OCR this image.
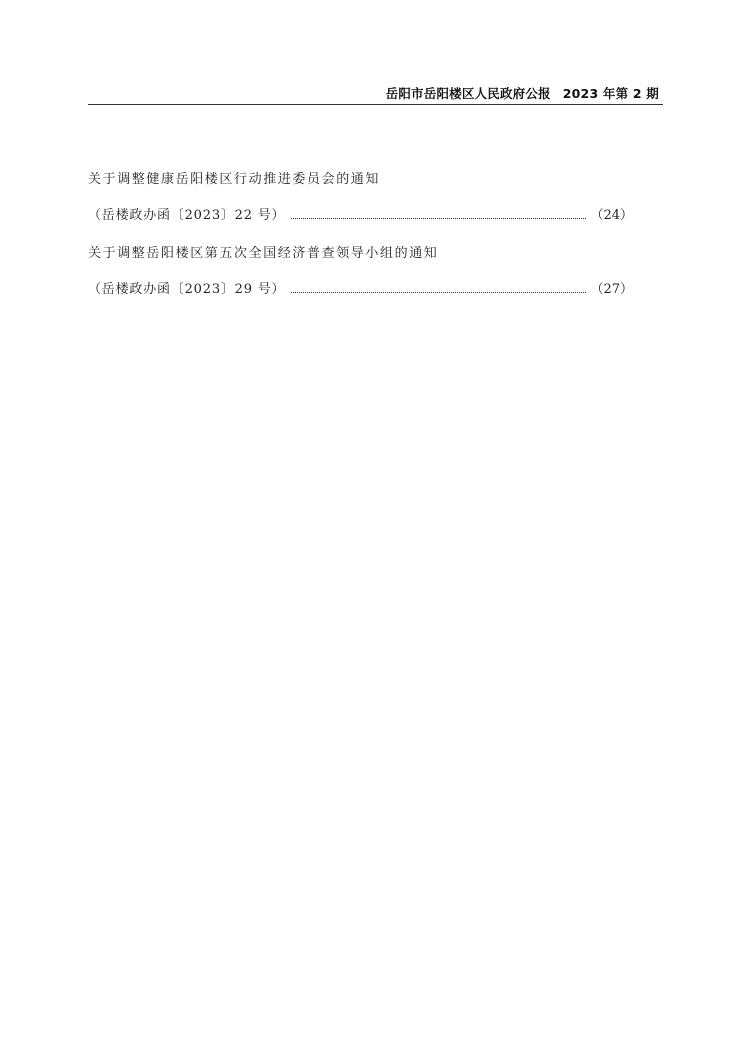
岳阳市岳阳楼区人民政府公报 2023 年第 2 期
关于调整健康岳阳楼区行动推进委员会的通知
（岳楼政办函〔2023〕22 号）	（24）
关于调整岳阳楼区第五次全国经济普查领导小组的通知
（岳楼政办函〔2023〕29 号）	（27）
